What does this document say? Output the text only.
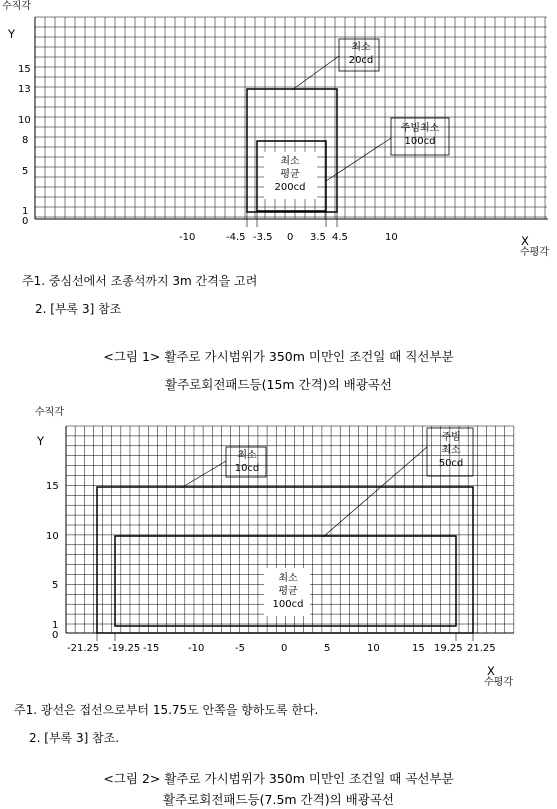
수직각
Y
15
13
10
8
5
1
0
-10	-4.5 -3.5 0 3.5 4.5	10	X
수평각
최소
20cd
주빔최소
100cd
최소
평균
200cd
주1. 중심선에서 조종석까지 3m 간격을 고려
2. [부록 3] 참조
<그림 1> 활주로 가시범위가 350m 미만인 조건일 때 직선부분
활주로회전패드등(15m 간격)의 배광곡선
수직각
Y
15
10
5
1
0
-21.25 -19.25 -15	-10	-5	0	5	10	15 19.25 21.25
X
수평각
최소
10cd
주빔
최소
50cd
최소
평균
100cd
주1. 광선은 접선으로부터 15.75도 안쪽을 향하도록 한다.
2. [부록 3] 참조.
<그림 2> 활주로 가시범위가 350m 미만인 조건일 때 곡선부분
활주로회전패드등(7.5m 간격)의 배광곡선
